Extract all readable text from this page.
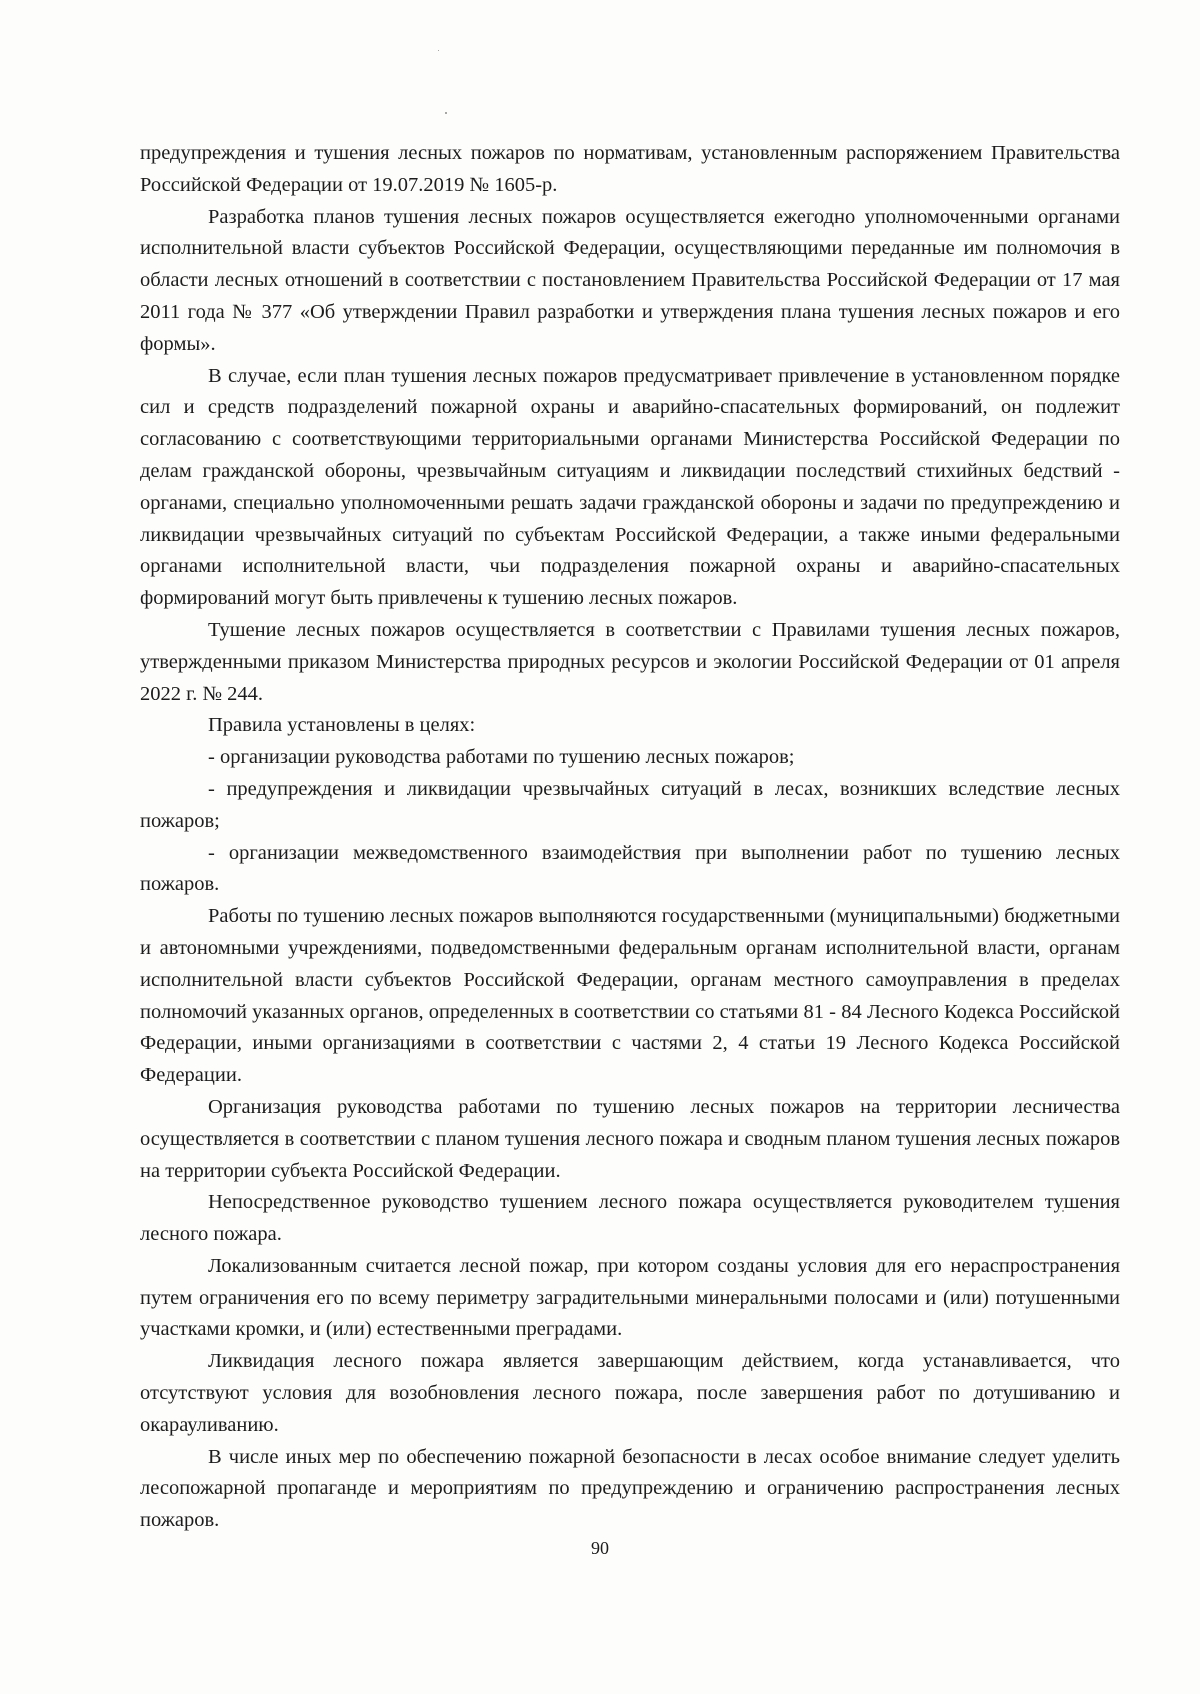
предупреждения и тушения лесных пожаров по нормативам, установленным распоряжением Правительства Российской Федерации от 19.07.2019 № 1605-р.

Разработка планов тушения лесных пожаров осуществляется ежегодно уполномоченными органами исполнительной власти субъектов Российской Федерации, осуществляющими переданные им полномочия в области лесных отношений в соответствии с постановлением Правительства Российской Федерации от 17 мая 2011 года № 377 «Об утверждении Правил разработки и утверждения плана тушения лесных пожаров и его формы».

В случае, если план тушения лесных пожаров предусматривает привлечение в установленном порядке сил и средств подразделений пожарной охраны и аварийно-спасательных формирований, он подлежит согласованию с соответствующими территориальными органами Министерства Российской Федерации по делам гражданской обороны, чрезвычайным ситуациям и ликвидации последствий стихийных бедствий - органами, специально уполномоченными решать задачи гражданской обороны и задачи по предупреждению и ликвидации чрезвычайных ситуаций по субъектам Российской Федерации, а также иными федеральными органами исполнительной власти, чьи подразделения пожарной охраны и аварийно-спасательных формирований могут быть привлечены к тушению лесных пожаров.

Тушение лесных пожаров осуществляется в соответствии с Правилами тушения лесных пожаров, утвержденными приказом Министерства природных ресурсов и экологии Российской Федерации от 01 апреля 2022 г. № 244.

Правила установлены в целях:

- организации руководства работами по тушению лесных пожаров;

- предупреждения и ликвидации чрезвычайных ситуаций в лесах, возникших вследствие лесных пожаров;

- организации межведомственного взаимодействия при выполнении работ по тушению лесных пожаров.

Работы по тушению лесных пожаров выполняются государственными (муниципальными) бюджетными и автономными учреждениями, подведомственными федеральным органам исполнительной власти, органам исполнительной власти субъектов Российской Федерации, органам местного самоуправления в пределах полномочий указанных органов, определенных в соответствии со статьями 81 - 84 Лесного Кодекса Российской Федерации, иными организациями в соответствии с частями 2, 4 статьи 19 Лесного Кодекса Российской Федерации.

Организация руководства работами по тушению лесных пожаров на территории лесничества осуществляется в соответствии с планом тушения лесного пожара и сводным планом тушения лесных пожаров на территории субъекта Российской Федерации.

Непосредственное руководство тушением лесного пожара осуществляется руководителем тушения лесного пожара.

Локализованным считается лесной пожар, при котором созданы условия для его нераспространения путем ограничения его по всему периметру заградительными минеральными полосами и (или) потушенными участками кромки, и (или) естественными преградами.

Ликвидация лесного пожара является завершающим действием, когда устанавливается, что отсутствуют условия для возобновления лесного пожара, после завершения работ по дотушиванию и окарауливанию.

В числе иных мер по обеспечению пожарной безопасности в лесах особое внимание следует уделить лесопожарной пропаганде и мероприятиям по предупреждению и ограничению распространения лесных пожаров.

90
